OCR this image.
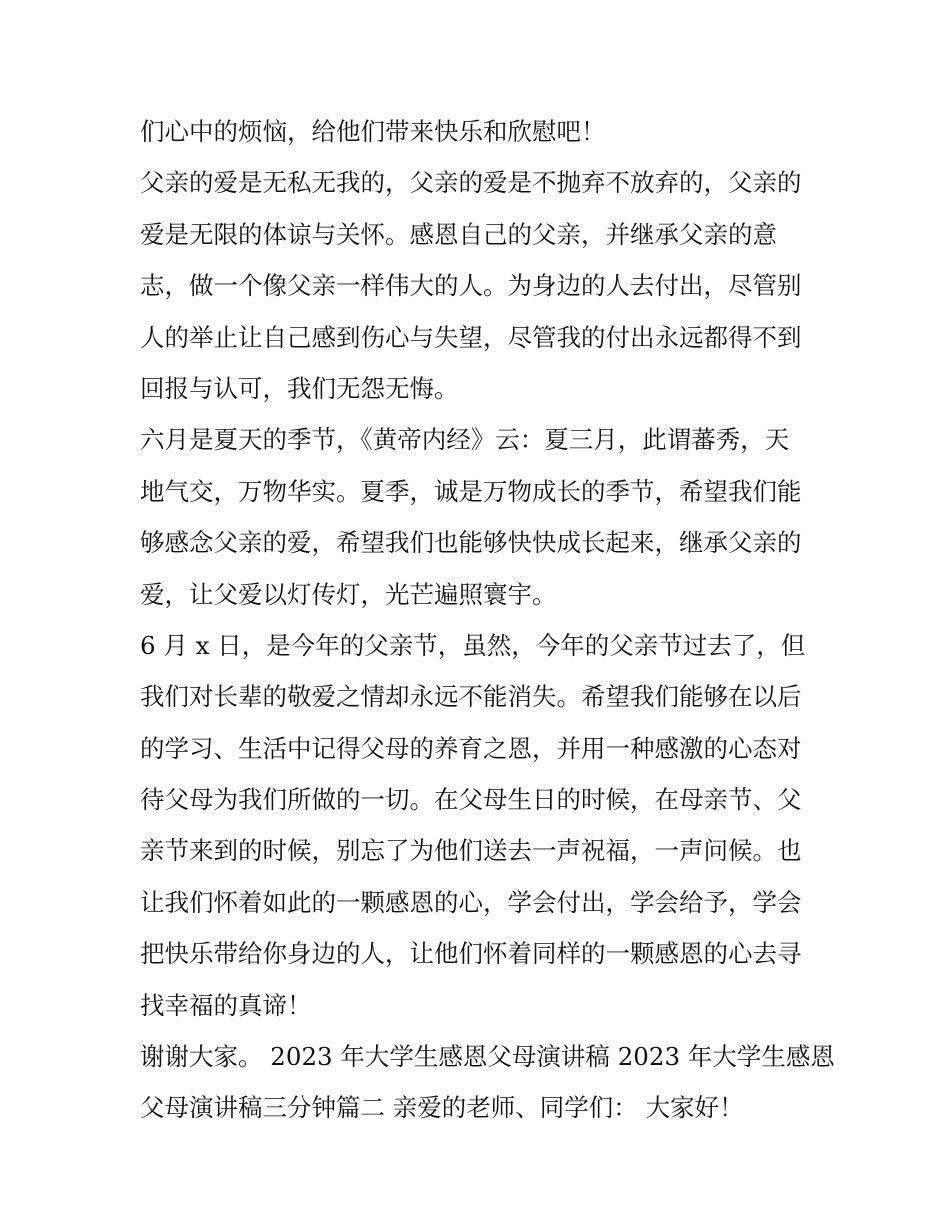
们心中的烦恼，给他们带来快乐和欣慰吧！
父亲的爱是无私无我的，父亲的爱是不抛弃不放弃的，父亲的
爱是无限的体谅与关怀。感恩自己的父亲，并继承父亲的意
志，做一个像父亲一样伟大的人。为身边的人去付出，尽管别
人的举止让自己感到伤心与失望，尽管我的付出永远都得不到
回报与认可，我们无怨无悔。
六月是夏天的季节，《黄帝内经》云：夏三月，此谓蕃秀，天
地气交，万物华实。夏季，诚是万物成长的季节，希望我们能
够感念父亲的爱，希望我们也能够快快成长起来，继承父亲的
爱，让父爱以灯传灯，光芒遍照寰宇。
6 月 x 日，是今年的父亲节，虽然，今年的父亲节过去了，但
我们对长辈的敬爱之情却永远不能消失。希望我们能够在以后
的学习、生活中记得父母的养育之恩，并用一种感激的心态对
待父母为我们所做的一切。在父母生日的时候，在母亲节、父
亲节来到的时候，别忘了为他们送去一声祝福，一声问候。也
让我们怀着如此的一颗感恩的心，学会付出，学会给予，学会
把快乐带给你身边的人，让他们怀着同样的一颗感恩的心去寻
找幸福的真谛！
谢谢大家。 2023 年大学生感恩父母演讲稿 2023 年大学生感恩
父母演讲稿三分钟篇二 亲爱的老师、同学们： 大家好！
